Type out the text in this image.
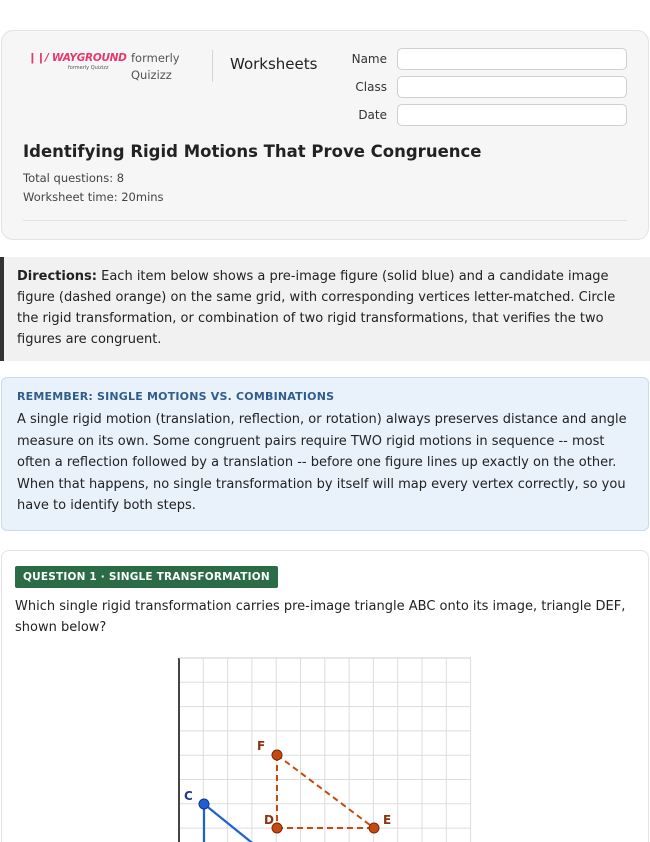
❙❙/ WAYGROUND
formerly Quizizz
formerly
Quizizz
Worksheets	Name
Class
Date
Identifying Rigid Motions That Prove Congruence
Total questions: 8
Worksheet time: 20mins
Directions: Each item below shows a pre-image figure (solid blue) and a candidate image figure (dashed orange) on the same grid, with corresponding vertices letter-matched. Circle the rigid transformation, or combination of two rigid transformations, that verifies the two figures are congruent.
REMEMBER: SINGLE MOTIONS VS. COMBINATIONS
A single rigid motion (translation, reflection, or rotation) always preserves distance and angle measure on its own. Some congruent pairs require TWO rigid motions in sequence -- most often a reflection followed by a translation -- before one figure lines up exactly on the other. When that happens, no single transformation by itself will map every vertex correctly, so you have to identify both steps.
QUESTION 1 · SINGLE TRANSFORMATION
Which single rigid transformation carries pre-image triangle ABC onto its image, triangle DEF, shown below?
C
F
D	E
